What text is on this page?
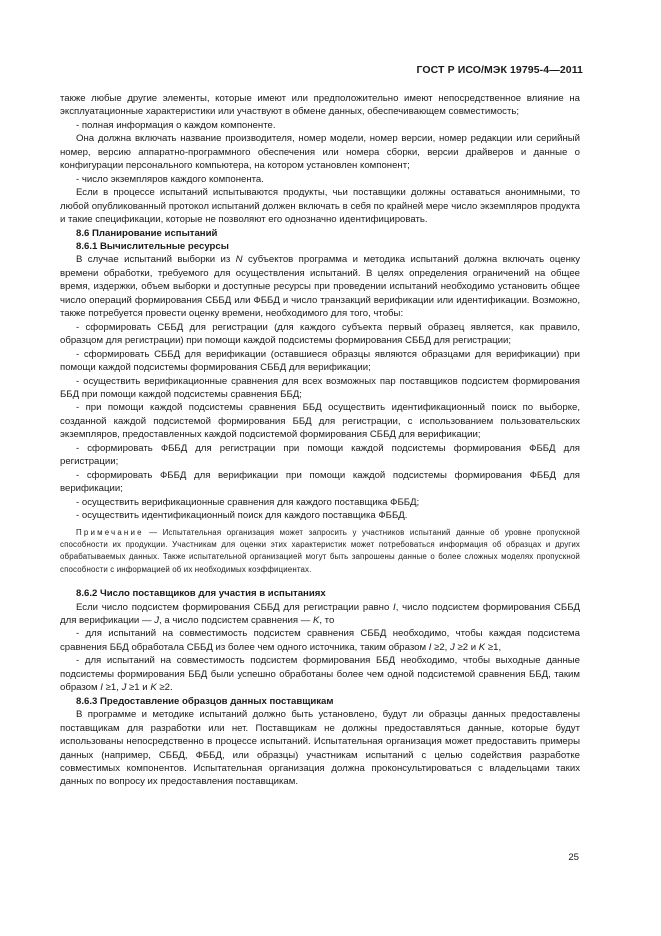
ГОСТ Р ИСО/МЭК 19795-4—2011

также любые другие элементы, которые имеют или предположительно имеют непосредственное влияние на эксплуатационные характеристики или участвуют в обмене данных, обеспечивающем совместимость;

- полная информация о каждом компоненте.

Она должна включать название производителя, номер модели, номер версии, номер редакции или серийный номер, версию аппаратно-программного обеспечения или номера сборки, версии драйверов и данные о конфигурации персонального компьютера, на котором установлен компонент;

- число экземпляров каждого компонента.

Если в процессе испытаний испытываются продукты, чьи поставщики должны оставаться анонимными, то любой опубликованный протокол испытаний должен включать в себя по крайней мере число экземпляров продукта и такие спецификации, которые не позволяют его однозначно идентифицировать.

8.6 Планирование испытаний

8.6.1 Вычислительные ресурсы

В случае испытаний выборки из N субъектов программа и методика испытаний должна включать оценку времени обработки, требуемого для осуществления испытаний. В целях определения ограничений на общее время, издержки, объем выборки и доступные ресурсы при проведении испытаний необходимо установить общее число операций формирования СББД или ФББД и число транзакций верификации или идентификации. Возможно, также потребуется провести оценку времени, необходимого для того, чтобы:

- сформировать СББД для регистрации (для каждого субъекта первый образец является, как правило, образцом для регистрации) при помощи каждой подсистемы формирования СББД для регистрации;

- сформировать СББД для верификации (оставшиеся образцы являются образцами для верификации) при помощи каждой подсистемы формирования СББД для верификации;

- осуществить верификационные сравнения для всех возможных пар поставщиков подсистем формирования ББД при помощи каждой подсистемы сравнения ББД;

- при помощи каждой подсистемы сравнения ББД осуществить идентификационный поиск по выборке, созданной каждой подсистемой формирования ББД для регистрации, с использованием пользовательских экземпляров, предоставленных каждой подсистемой формирования СББД для верификации;

- сформировать ФББД для регистрации при помощи каждой подсистемы формирования ФББД для регистрации;

- сформировать ФББД для верификации при помощи каждой подсистемы формирования ФББД для верификации;

- осуществить верификационные сравнения для каждого поставщика ФББД;

- осуществить идентификационный поиск для каждого поставщика ФББД.

Примечание — Испытательная организация может запросить у участников испытаний данные об уровне пропускной способности их продукции. Участникам для оценки этих характеристик может потребоваться информация об образцах и других обрабатываемых данных. Также испытательной организацией могут быть запрошены данные о более сложных моделях пропускной способности с информацией об их необходимых коэффициентах.

8.6.2 Число поставщиков для участия в испытаниях

Если число подсистем формирования СББД для регистрации равно I, число подсистем формирования СББД для верификации — J, а число подсистем сравнения — K, то

- для испытаний на совместимость подсистем сравнения СББД необходимо, чтобы каждая подсистема сравнения ББД обработала СББД из более чем одного источника, таким образом I ≥2, J ≥2 и K ≥1,

- для испытаний на совместимость подсистем формирования ББД необходимо, чтобы выходные данные подсистемы формирования ББД были успешно обработаны более чем одной подсистемой сравнения ББД, таким образом I ≥1, J ≥1 и K ≥2.

8.6.3 Предоставление образцов данных поставщикам

В программе и методике испытаний должно быть установлено, будут ли образцы данных предоставлены поставщикам для разработки или нет. Поставщикам не должны предоставляться данные, которые будут использованы непосредственно в процессе испытаний. Испытательная организация может предоставить примеры данных (например, СББД, ФББД, или образцы) участникам испытаний с целью содействия разработке совместимых компонентов. Испытательная организация должна проконсультироваться с владельцами таких данных по вопросу их предоставления поставщикам.

25
